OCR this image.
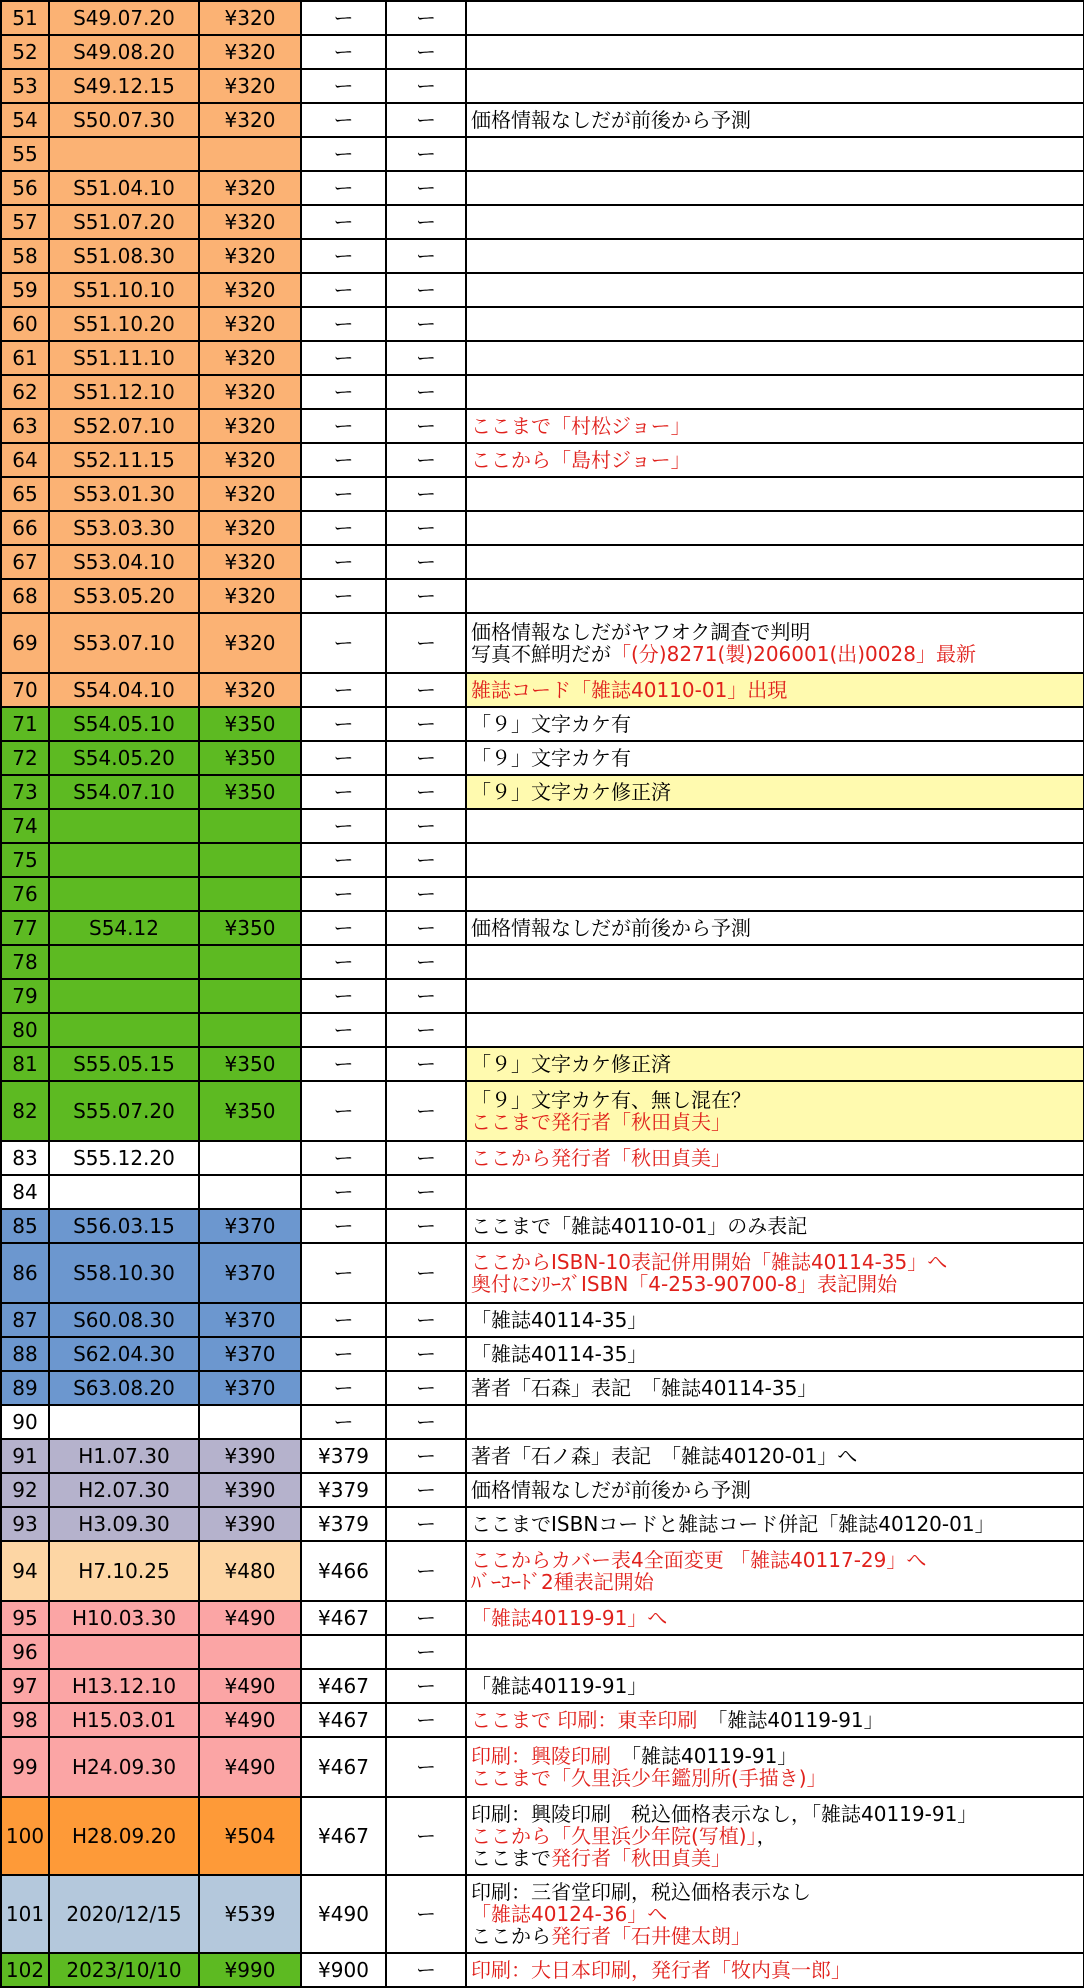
51	S49.07.20	¥320	ー	ー	
52	S49.08.20	¥320	ー	ー	
53	S49.12.15	¥320	ー	ー	
54	S50.07.30	¥320	ー	ー	価格情報なしだが前後から予測

55			ー	ー	
56	S51.04.10	¥320	ー	ー	
57	S51.07.20	¥320	ー	ー	
58	S51.08.30	¥320	ー	ー	
59	S51.10.10	¥320	ー	ー	
60	S51.10.20	¥320	ー	ー	
61	S51.11.10	¥320	ー	ー	
62	S51.12.10	¥320	ー	ー	
63	S52.07.10	¥320	ー	ー	ここまで「村松ジョー」

64	S52.11.15	¥320	ー	ー	ここから「島村ジョー」

65	S53.01.30	¥320	ー	ー	
66	S53.03.30	¥320	ー	ー	
67	S53.04.10	¥320	ー	ー	
68	S53.05.20	¥320	ー	ー	
69	S53.07.10	¥320	ー	ー	価格情報なしだがヤフオク調査で判明
写真不鮮明だが「(分)8271(製)206001(出)0028」最新

70	S54.04.10	¥320	ー	ー	雑誌コード「雑誌40110-01」出現

71	S54.05.10	¥350	ー	ー	「９」文字カケ有

72	S54.05.20	¥350	ー	ー	「９」文字カケ有

73	S54.07.10	¥350	ー	ー	「９」文字カケ修正済

74			ー	ー	
75			ー	ー	
76			ー	ー	
77	S54.12	¥350	ー	ー	価格情報なしだが前後から予測

78			ー	ー	
79			ー	ー	
80			ー	ー	
81	S55.05.15	¥350	ー	ー	「９」文字カケ修正済

82	S55.07.20	¥350	ー	ー	「９」文字カケ有、無し混在？
ここまで発行者「秋田貞夫」

83	S55.12.20		ー	ー	ここから発行者「秋田貞美」

84			ー	ー	
85	S56.03.15	¥370	ー	ー	ここまで「雑誌40110-01」のみ表記

86	S58.10.30	¥370	ー	ー	ここからISBN-10表記併用開始「雑誌40114-35」へ
奥付にｼﾘｰｽﾞISBN「4-253-90700-8」表記開始

87	S60.08.30	¥370	ー	ー	「雑誌40114-35」

88	S62.04.30	¥370	ー	ー	「雑誌40114-35」

89	S63.08.20	¥370	ー	ー	著者「石森」表記　「雑誌40114-35」

90			ー	ー	
91	H1.07.30	¥390	¥379	ー	著者「石ノ森」表記　「雑誌40120-01」へ

92	H2.07.30	¥390	¥379	ー	価格情報なしだが前後から予測

93	H3.09.30	¥390	¥379	ー	ここまでISBNコードと雑誌コード併記「雑誌40120-01」

94	H7.10.25	¥480	¥466	ー	ここからカバー表4全面変更 「雑誌40117-29」へ
ﾊﾞｰｺｰﾄﾞ2種表記開始

95	H10.03.30	¥490	¥467	ー	「雑誌40119-91」へ

96				ー	
97	H13.12.10	¥490	¥467	ー	「雑誌40119-91」

98	H15.03.01	¥490	¥467	ー	ここまで 印刷：東幸印刷　「雑誌40119-91」

99	H24.09.30	¥490	¥467	ー	印刷：興陵印刷　「雑誌40119-91」
ここまで「久里浜少年鑑別所(手描き)」

100	H28.09.20	¥504	¥467	ー	印刷：興陵印刷　税込価格表示なし，「雑誌40119-91」
ここから「久里浜少年院(写植)」，
ここまで発行者「秋田貞美」

101	2020/12/15	¥539	¥490	ー	印刷：三省堂印刷，税込価格表示なし
「雑誌40124-36」へ
ここから発行者「石井健太朗」

102	2023/10/10	¥990	¥900	ー	印刷：大日本印刷，発行者「牧内真一郎」
